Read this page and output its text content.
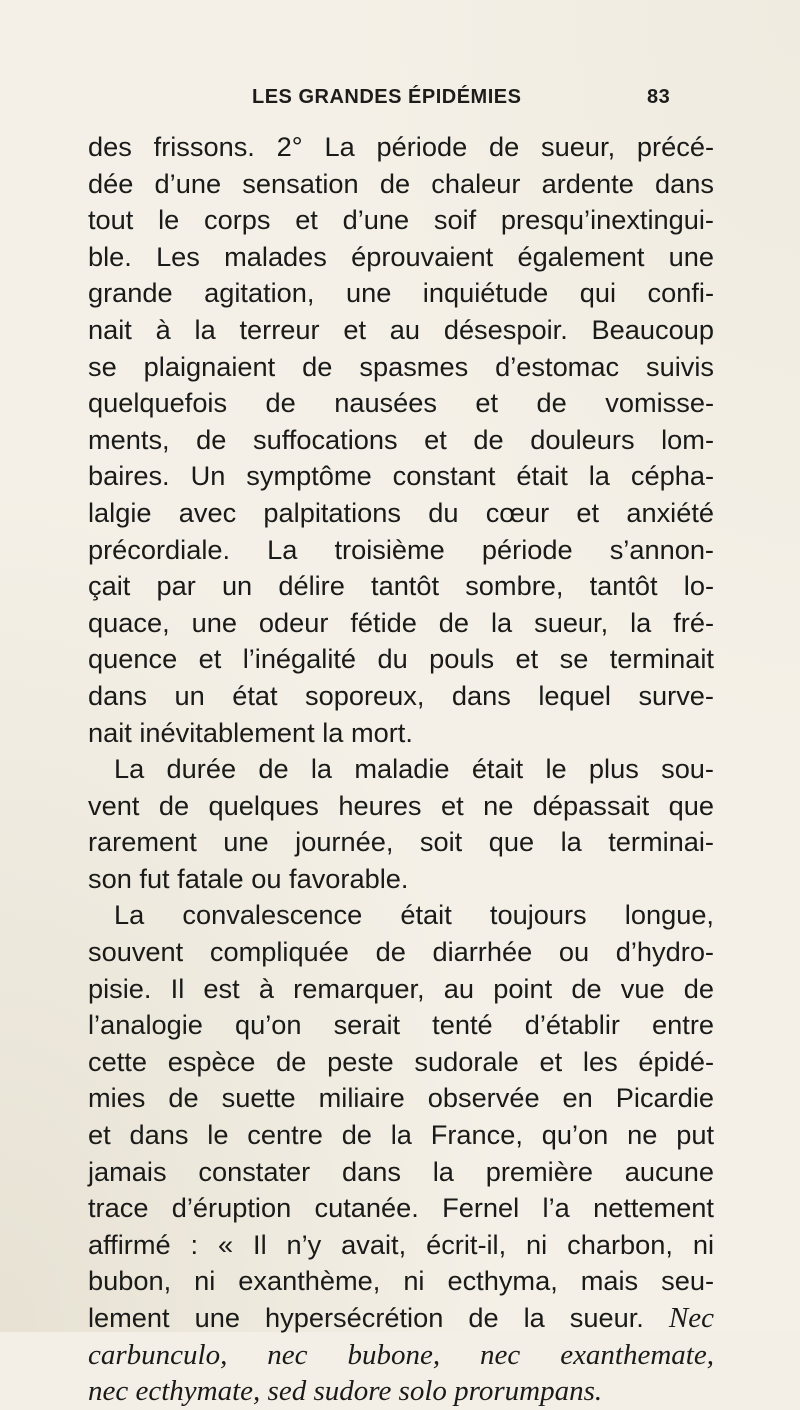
LES GRANDES ÉPIDÉMIES	83
des frissons. 2° La période de sueur, précé-
dée d’une sensation de chaleur ardente dans
tout le corps et d’une soif presqu’inextingui-
ble. Les malades éprouvaient également une
grande agitation, une inquiétude qui confi-
nait à la terreur et au désespoir. Beaucoup
se plaignaient de spasmes d’estomac suivis
quelquefois de nausées et de vomisse-
ments, de suffocations et de douleurs lom-
baires. Un symptôme constant était la cépha-
lalgie avec palpitations du cœur et anxiété
précordiale. La troisième période s’annon-
çait par un délire tantôt sombre, tantôt lo-
quace, une odeur fétide de la sueur, la fré-
quence et l’inégalité du pouls et se terminait
dans un état soporeux, dans lequel surve-
nait inévitablement la mort.
La durée de la maladie était le plus sou-
vent de quelques heures et ne dépassait que
rarement une journée, soit que la terminai-
son fut fatale ou favorable.
La convalescence était toujours longue,
souvent compliquée de diarrhée ou d’hydro-
pisie. Il est à remarquer, au point de vue de
l’analogie qu’on serait tenté d’établir entre
cette espèce de peste sudorale et les épidé-
mies de suette miliaire observée en Picardie
et dans le centre de la France, qu’on ne put
jamais constater dans la première aucune
trace d’éruption cutanée. Fernel l’a nettement
affirmé : « Il n’y avait, écrit-il, ni charbon, ni
bubon, ni exanthème, ni ecthyma, mais seu-
lement une hypersécrétion de la sueur. Nec
carbunculo, nec bubone, nec exanthemate,
nec ecthymate, sed sudore solo prorumpans.
